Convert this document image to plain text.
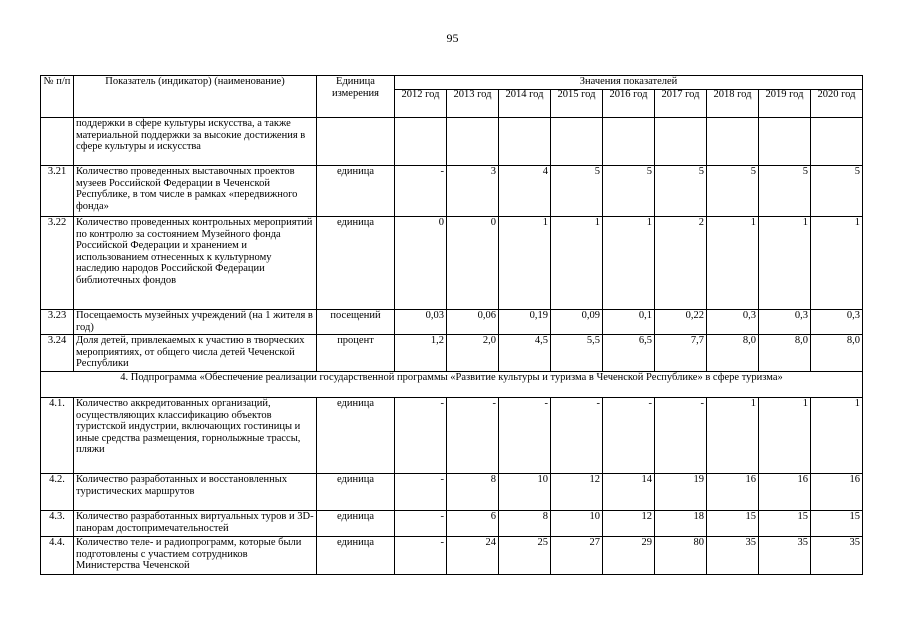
95
№ п/п	Показатель (индикатор) (наименование)	Единица измерения	Значения показателей								
			2012 год	2013 год	2014 год	2015 год	2016 год	2017 год	2018 год	2019 год	2020 год
	поддержки в сфере культуры искусства, а также материальной поддержки за высокие достижения в сфере культуры и искусства										
3.21	Количество проведенных выставочных проектов музеев Российской Федерации в Чеченской Республике, в том числе в рамках «передвижного фонда»	единица	-	3	4	5	5	5	5	5	5
3.22	Количество проведенных контрольных мероприятий по контролю за состоянием Музейного фонда Российской Федерации и хранением и использованием отнесенных к культурному наследию народов Российской Федерации библиотечных фондов	единица	0	0	1	1	1	2	1	1	1
3.23	Посещаемость музейных учреждений (на 1 жителя в год)	посещений	0,03	0,06	0,19	0,09	0,1	0,22	0,3	0,3	0,3
3.24	Доля детей, привлекаемых к участию в творческих мероприятиях, от общего числа детей Чеченской Республики	процент	1,2	2,0	4,5	5,5	6,5	7,7	8,0	8,0	8,0
4. Подпрограмма «Обеспечение реализации государственной программы «Развитие культуры и туризма в Чеченской Республике» в сфере туризма»											
4.1.	Количество аккредитованных организаций, осуществляющих классификацию объектов туристской индустрии, включающих гостиницы и иные средства размещения, горнолыжные трассы, пляжи	единица	-	-	-	-	-	-	1	1	1
4.2.	Количество разработанных и восстановленных туристических маршрутов	единица	-	8	10	12	14	19	16	16	16
4.3.	Количество разработанных виртуальных туров и 3D-панорам достопримечательностей	единица	-	6	8	10	12	18	15	15	15
4.4.	Количество теле- и радиопрограмм, которые были подготовлены с участием сотрудников Министерства Чеченской	единица	-	24	25	27	29	80	35	35	35
